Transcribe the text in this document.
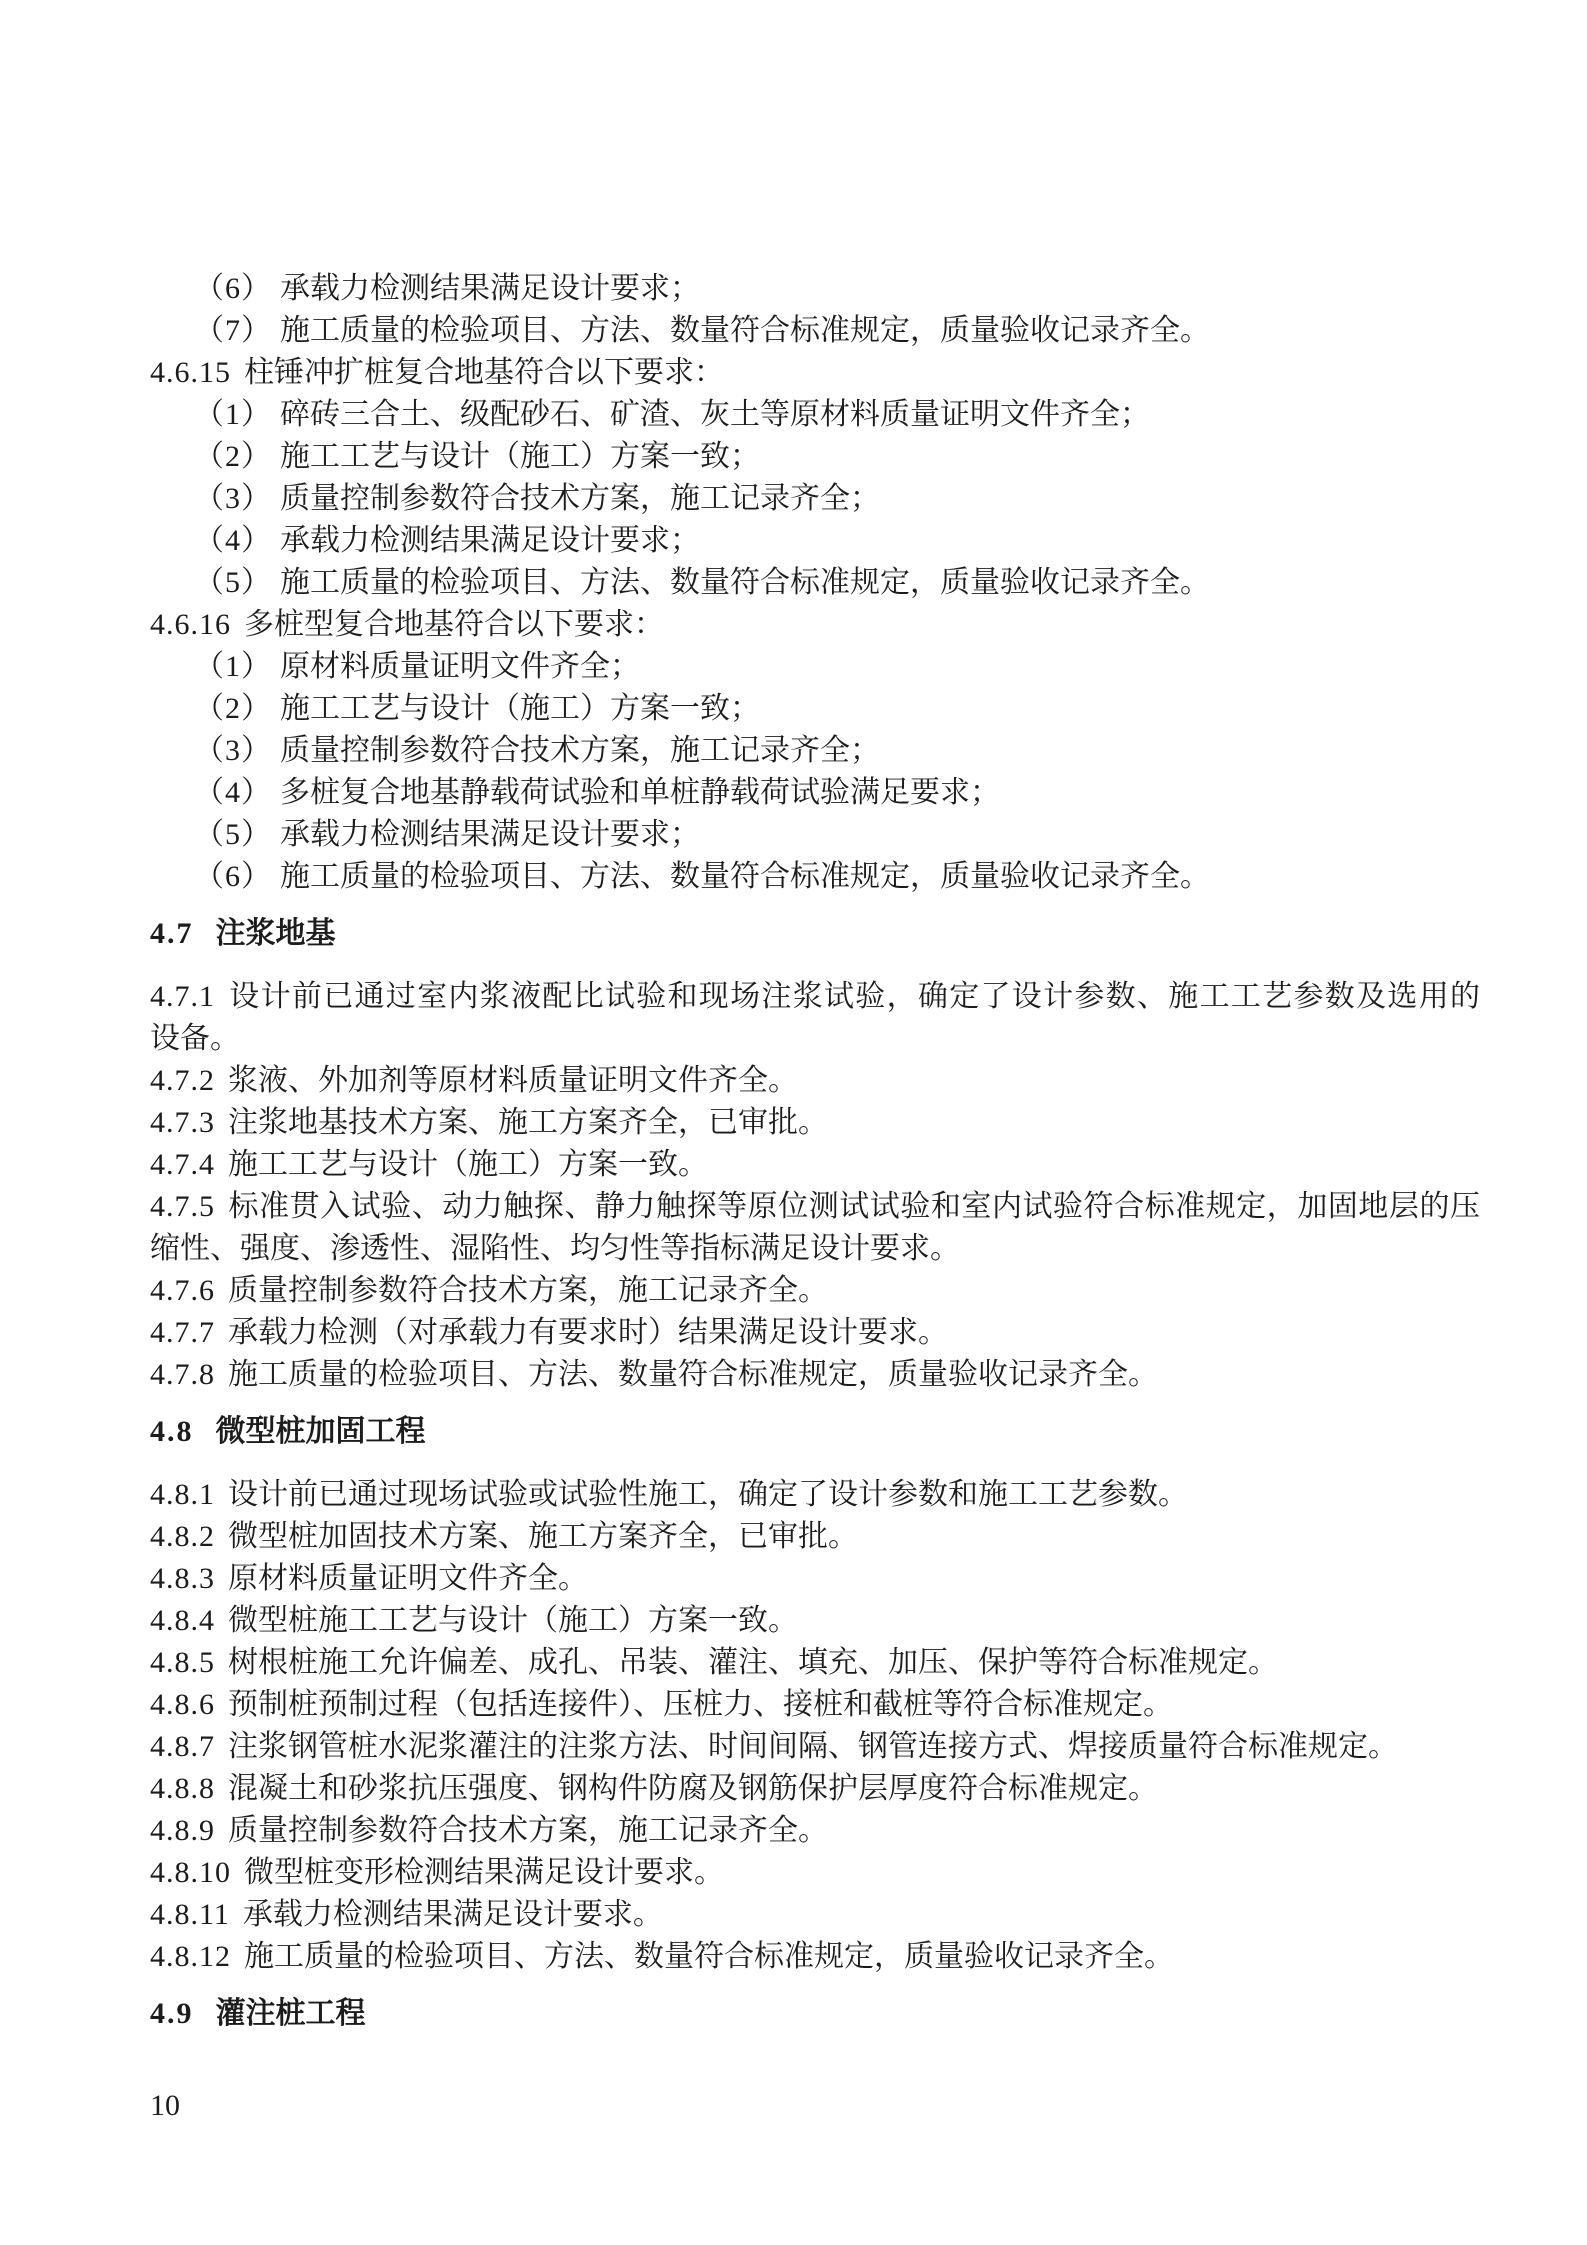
（6） 承载力检测结果满足设计要求；
（7） 施工质量的检验项目、方法、数量符合标准规定，质量验收记录齐全。
4.6.15 柱锤冲扩桩复合地基符合以下要求：
（1） 碎砖三合土、级配砂石、矿渣、灰土等原材料质量证明文件齐全；
（2） 施工工艺与设计（施工）方案一致；
（3） 质量控制参数符合技术方案，施工记录齐全；
（4） 承载力检测结果满足设计要求；
（5） 施工质量的检验项目、方法、数量符合标准规定，质量验收记录齐全。
4.6.16 多桩型复合地基符合以下要求：
（1） 原材料质量证明文件齐全；
（2） 施工工艺与设计（施工）方案一致；
（3） 质量控制参数符合技术方案，施工记录齐全；
（4） 多桩复合地基静载荷试验和单桩静载荷试验满足要求；
（5） 承载力检测结果满足设计要求；
（6） 施工质量的检验项目、方法、数量符合标准规定，质量验收记录齐全。
4.7 注浆地基
4.7.1 设计前已通过室内浆液配比试验和现场注浆试验，确定了设计参数、施工工艺参数及选用的
设备。
4.7.2 浆液、外加剂等原材料质量证明文件齐全。
4.7.3 注浆地基技术方案、施工方案齐全，已审批。
4.7.4 施工工艺与设计（施工）方案一致。
4.7.5 标准贯入试验、动力触探、静力触探等原位测试试验和室内试验符合标准规定，加固地层的压
缩性、强度、渗透性、湿陷性、均匀性等指标满足设计要求。
4.7.6 质量控制参数符合技术方案，施工记录齐全。
4.7.7 承载力检测（对承载力有要求时）结果满足设计要求。
4.7.8 施工质量的检验项目、方法、数量符合标准规定，质量验收记录齐全。
4.8 微型桩加固工程
4.8.1 设计前已通过现场试验或试验性施工，确定了设计参数和施工工艺参数。
4.8.2 微型桩加固技术方案、施工方案齐全，已审批。
4.8.3 原材料质量证明文件齐全。
4.8.4 微型桩施工工艺与设计（施工）方案一致。
4.8.5 树根桩施工允许偏差、成孔、吊装、灌注、填充、加压、保护等符合标准规定。
4.8.6 预制桩预制过程（包括连接件）、压桩力、接桩和截桩等符合标准规定。
4.8.7 注浆钢管桩水泥浆灌注的注浆方法、时间间隔、钢管连接方式、焊接质量符合标准规定。
4.8.8 混凝土和砂浆抗压强度、钢构件防腐及钢筋保护层厚度符合标准规定。
4.8.9 质量控制参数符合技术方案，施工记录齐全。
4.8.10 微型桩变形检测结果满足设计要求。
4.8.11 承载力检测结果满足设计要求。
4.8.12 施工质量的检验项目、方法、数量符合标准规定，质量验收记录齐全。
4.9 灌注桩工程
10
